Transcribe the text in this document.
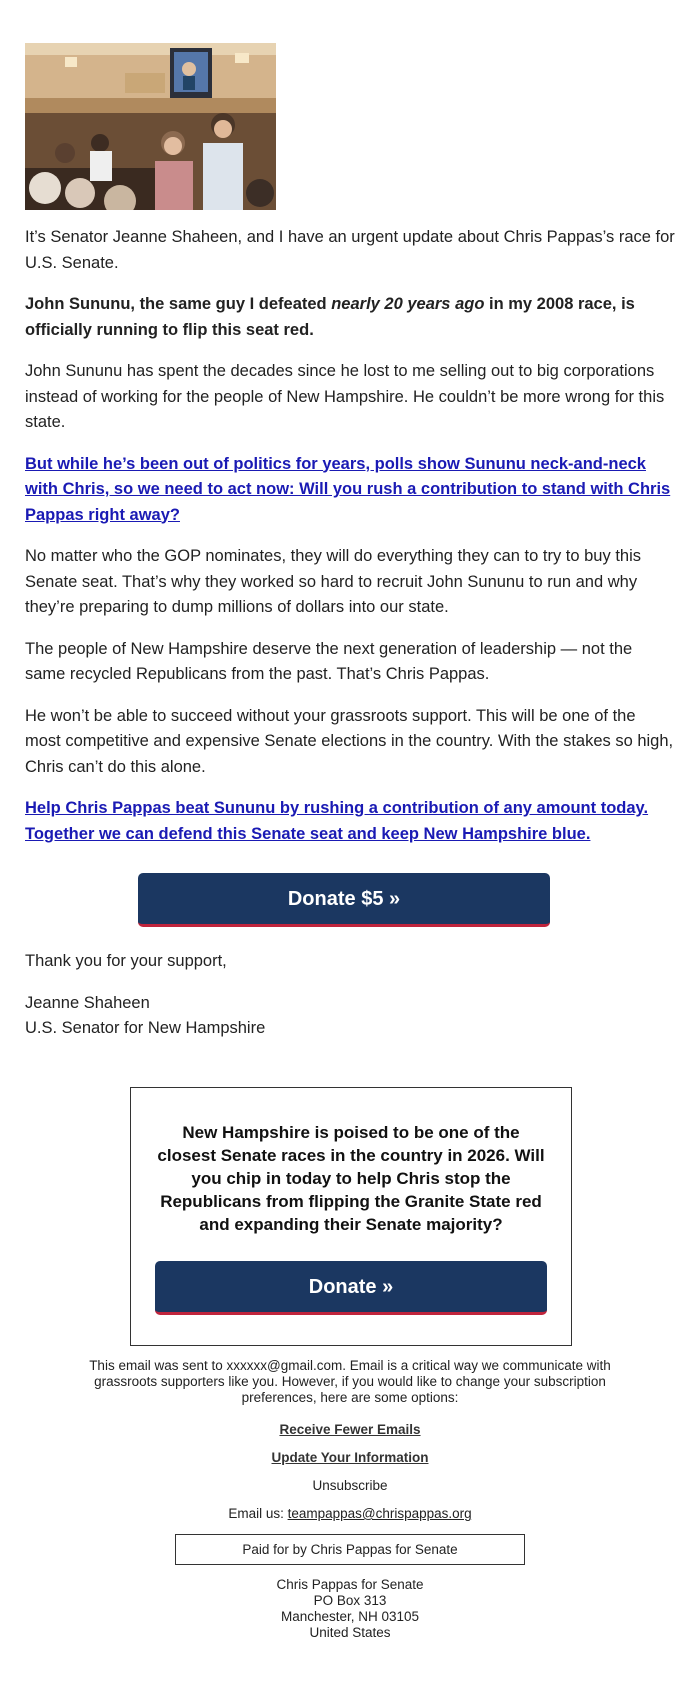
It’s Senator Jeanne Shaheen, and I have an urgent update about Chris Pappas’s race for U.S. Senate.

John Sununu, the same guy I defeated nearly 20 years ago in my 2008 race, is officially running to flip this seat red.

John Sununu has spent the decades since he lost to me selling out to big corporations instead of working for the people of New Hampshire. He couldn’t be more wrong for this state.

But while he’s been out of politics for years, polls show Sununu neck-and-neck with Chris, so we need to act now: Will you rush a contribution to stand with Chris Pappas right away?

No matter who the GOP nominates, they will do everything they can to try to buy this Senate seat. That’s why they worked so hard to recruit John Sununu to run and why they’re preparing to dump millions of dollars into our state.

The people of New Hampshire deserve the next generation of leadership — not the same recycled Republicans from the past. That’s Chris Pappas.

He won’t be able to succeed without your grassroots support. This will be one of the most competitive and expensive Senate elections in the country. With the stakes so high, Chris can’t do this alone.

Help Chris Pappas beat Sununu by rushing a contribution of any amount today. Together we can defend this Senate seat and keep New Hampshire blue.

Donate $5 »

Thank you for your support,

Jeanne Shaheen
U.S. Senator for New Hampshire

New Hampshire is poised to be one of the closest Senate races in the country in 2026. Will you chip in today to help Chris stop the Republicans from flipping the Granite State red and expanding their Senate majority?
Donate »
This email was sent to xxxxxx@gmail.com. Email is a critical way we communicate with grassroots supporters like you. However, if you would like to change your subscription preferences, here are some options:
Receive Fewer Emails
Update Your Information
Unsubscribe
Email us: teampappas@chrispappas.org
Paid for by Chris Pappas for Senate
Chris Pappas for Senate
PO Box 313
Manchester, NH 03105
United States
